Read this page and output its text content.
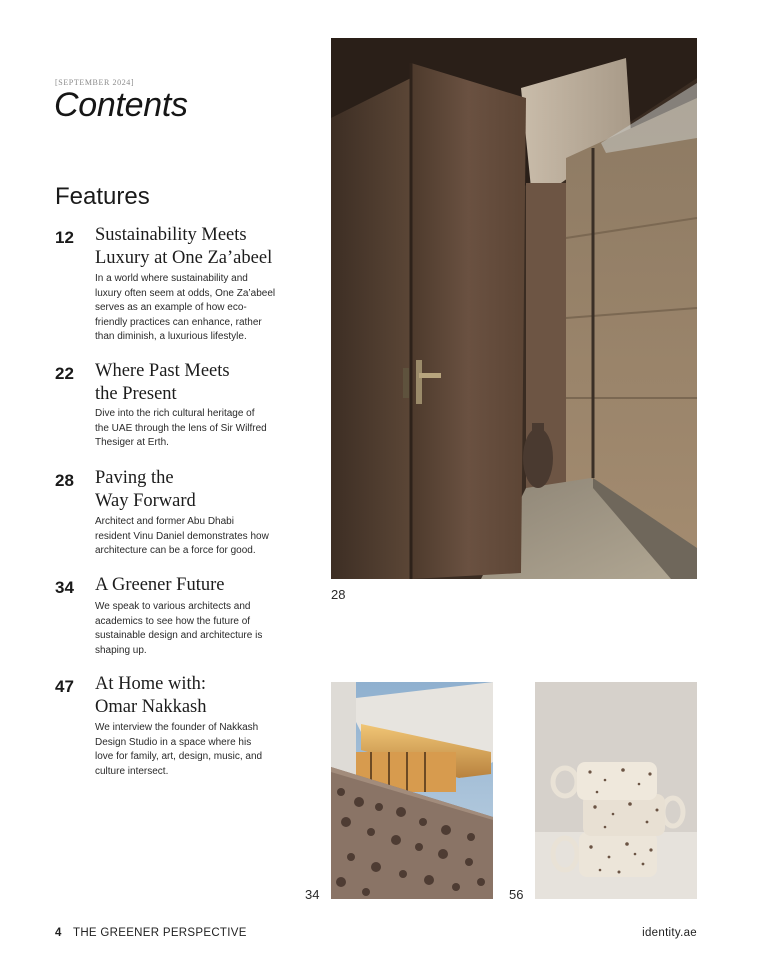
[SEPTEMBER 2024]
Contents
Features
12 Sustainability Meets
Luxury at One Za’abeel
In a world where sustainability and
luxury often seem at odds, One Za’abeel
serves as an example of how eco-
friendly practices can enhance, rather
than diminish, a luxurious lifestyle.
22 Where Past Meets
the Present
Dive into the rich cultural heritage of
the UAE through the lens of Sir Wilfred
Thesiger at Erth.
28 Paving the
Way Forward
Architect and former Abu Dhabi
resident Vinu Daniel demonstrates how
architecture can be a force for good.
34 A Greener Future
We speak to various architects and
academics to see how the future of
sustainable design and architecture is
shaping up.
47 At Home with:
Omar Nakkash
We interview the founder of Nakkash
Design Studio in a space where his
love for family, art, design, music, and
culture intersect.
28
34	56
4 THE GREENER PERSPECTIVE	identity.ae
